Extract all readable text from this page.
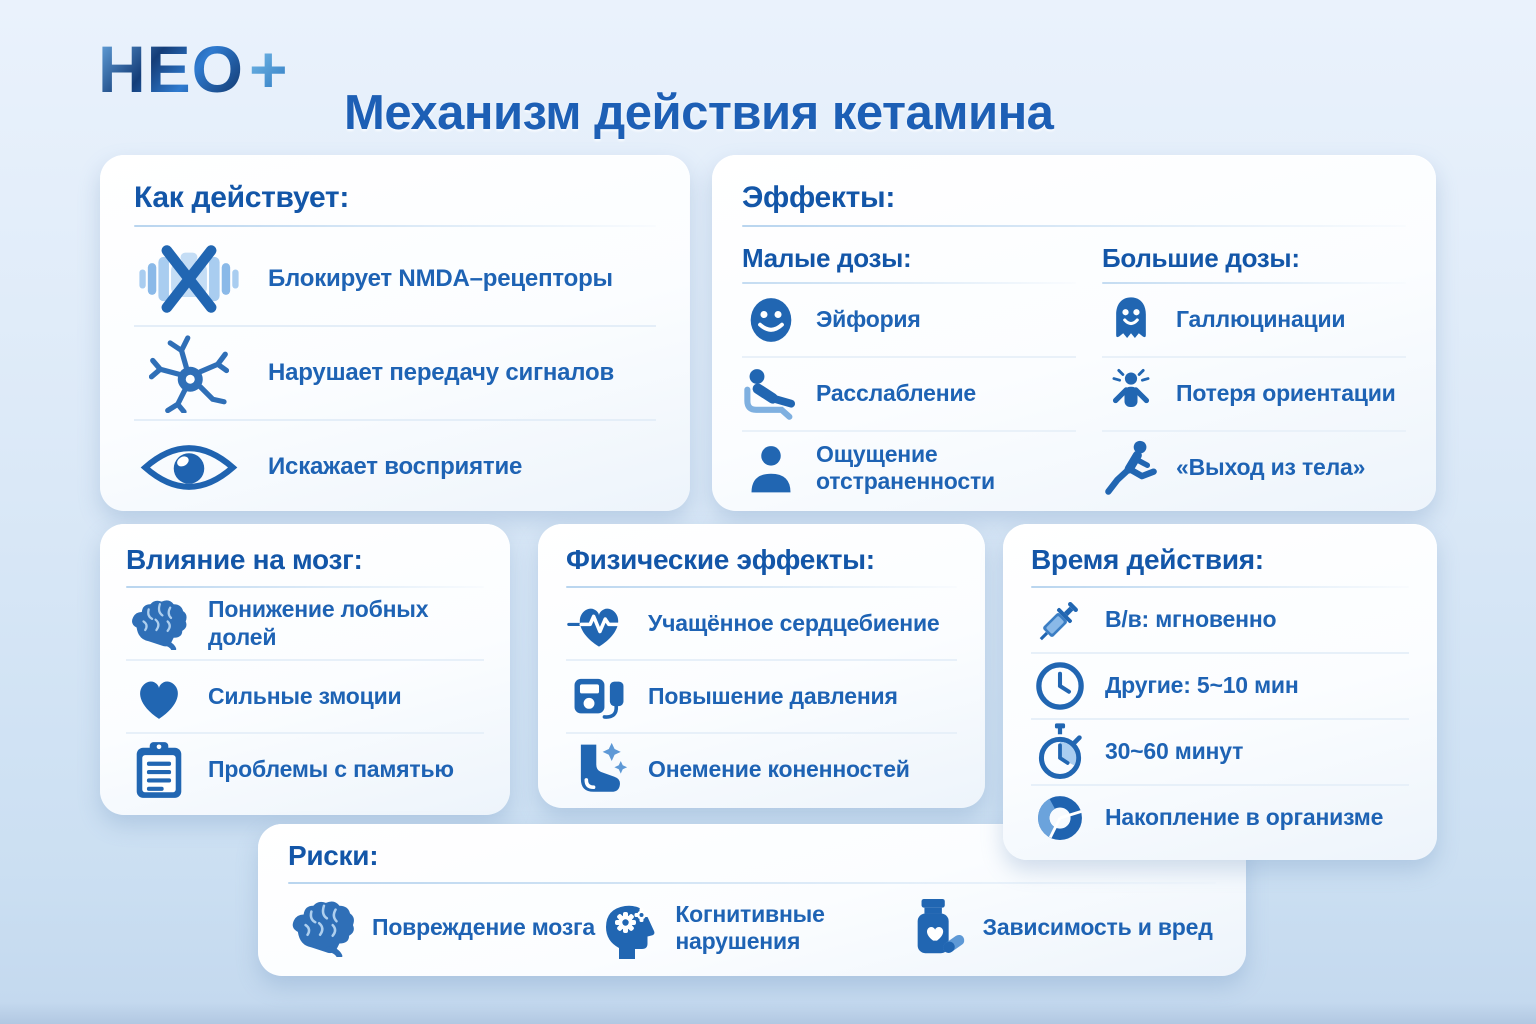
НЕО+
Механизм действия кетамина
Как действует:
Блокирует NMDA–рецепторы
Нарушает передачу сигналов
Искажает восприятие
Эффекты:
Малые дозы:
Эйфория
Расслабление
Ощущение отстраненности
Большие дозы:
Галлюцинации
Потеря ориентации
«Выход из тела»
Влияние на мозг:
Понижение лобных долей
Сильные змоции
Проблемы с памятью
Физические эффекты:
Учащённое сердцебиение
Повышение давления
Онемение коненностей
Время действия:
В/в: мгновенно
Другие: 5~10 мин
30~60 минут
Накопление в организме
Риски:
Повреждение мозга
Когнитивные нарушения
Зависимость и вред
